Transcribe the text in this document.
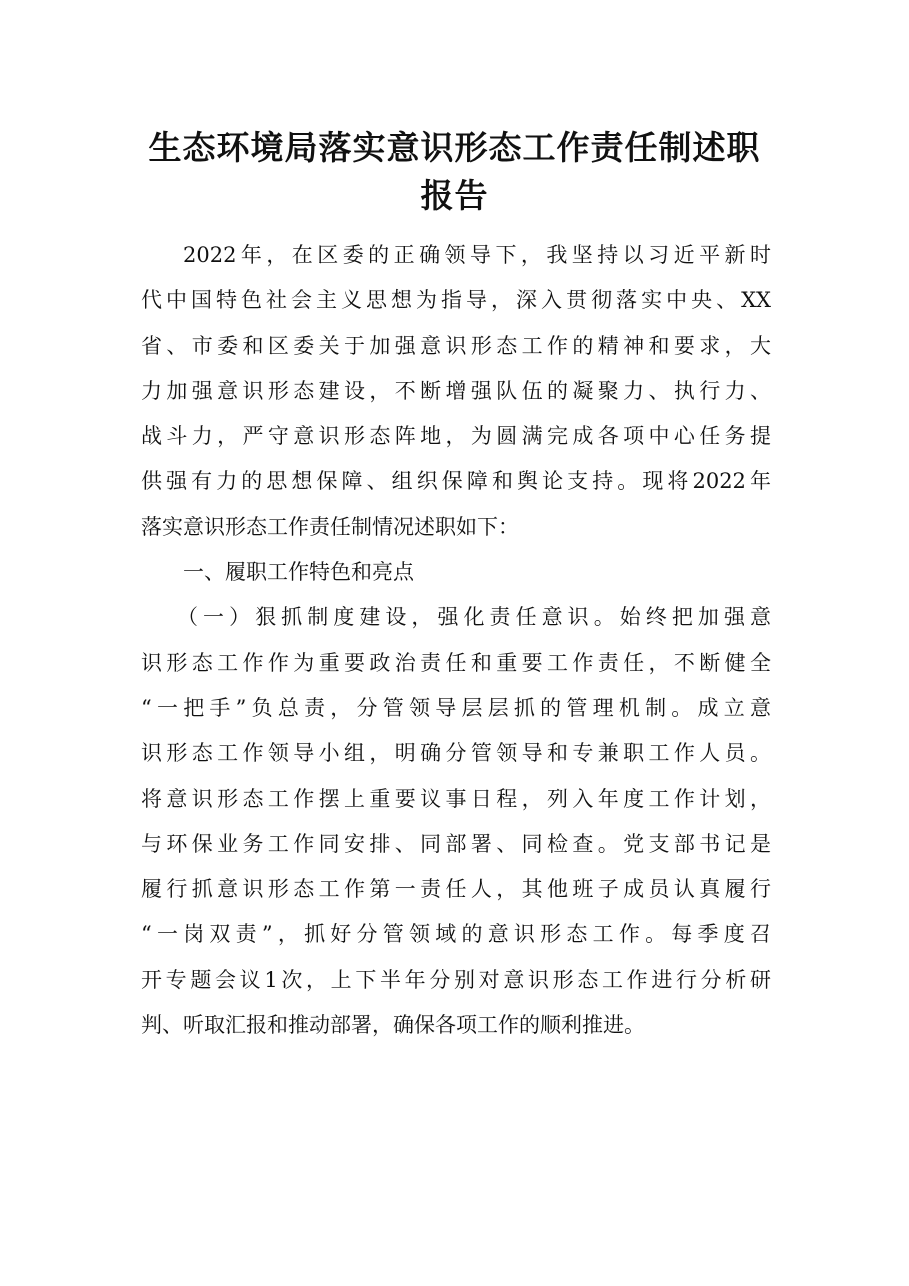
生态环境局落实意识形态工作责任制述职
报告
2022年，在区委的正确领导下，我坚持以习近平新时
代中国特色社会主义思想为指导，深入贯彻落实中央、XX
省、市委和区委关于加强意识形态工作的精神和要求，大
力加强意识形态建设，不断增强队伍的凝聚力、执行力、
战斗力，严守意识形态阵地，为圆满完成各项中心任务提
供强有力的思想保障、组织保障和舆论支持。现将2022年
落实意识形态工作责任制情况述职如下：
一、履职工作特色和亮点
（一）狠抓制度建设，强化责任意识。始终把加强意
识形态工作作为重要政治责任和重要工作责任，不断健全
“一把手”负总责，分管领导层层抓的管理机制。成立意
识形态工作领导小组，明确分管领导和专兼职工作人员。
将意识形态工作摆上重要议事日程，列入年度工作计划，
与环保业务工作同安排、同部署、同检查。党支部书记是
履行抓意识形态工作第一责任人，其他班子成员认真履行
“一岗双责”，抓好分管领域的意识形态工作。每季度召
开专题会议1次，上下半年分别对意识形态工作进行分析研
判、听取汇报和推动部署，确保各项工作的顺利推进。
